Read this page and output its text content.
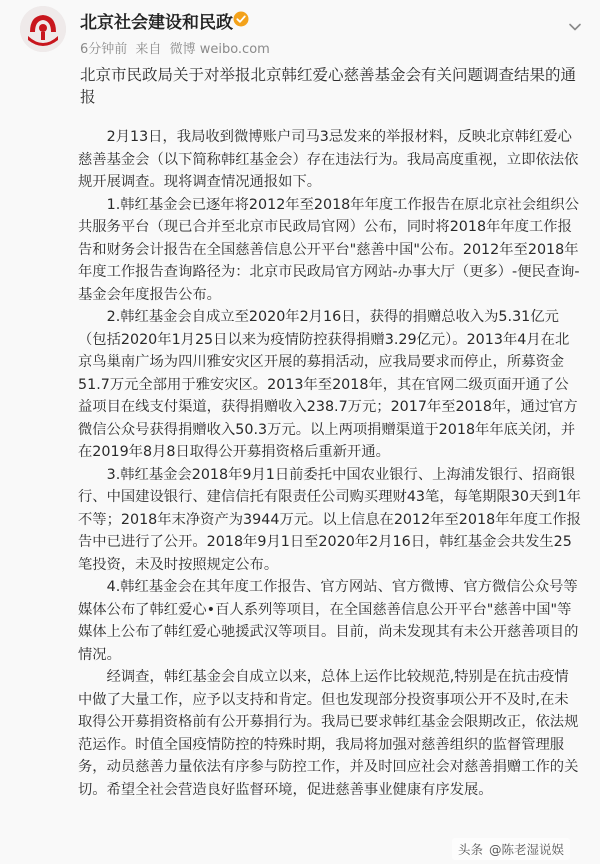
北京社会建设和民政
6分钟前 来自 微博 weibo.com
北京市民政局关于对举报北京韩红爱心慈善基金会有关问题调查结果的通报

2月13日，我局收到微博账户司马3忌发来的举报材料，反映北京韩红爱心慈善基金会（以下简称韩红基金会）存在违法行为。我局高度重视，立即依法依规开展调查。现将调查情况通报如下。

1.韩红基金会已逐年将2012年至2018年年度工作报告在原北京社会组织公共服务平台（现已合并至北京市民政局官网）公布，同时将2018年年度工作报告和财务会计报告在全国慈善信息公开平台"慈善中国"公布。2012年至2018年年度工作报告查询路径为：北京市民政局官方网站-办事大厅（更多）-便民查询-基金会年度报告公布。

2.韩红基金会自成立至2020年2月16日，获得的捐赠总收入为5.31亿元（包括2020年1月25日以来为疫情防控获得捐赠3.29亿元）。2013年4月在北京鸟巢南广场为四川雅安灾区开展的募捐活动，应我局要求而停止，所募资金51.7万元全部用于雅安灾区。2013年至2018年，其在官网二级页面开通了公益项目在线支付渠道，获得捐赠收入238.7万元；2017年至2018年，通过官方微信公众号获得捐赠收入50.3万元。以上两项捐赠渠道于2018年年底关闭，并在2019年8月8日取得公开募捐资格后重新开通。

3.韩红基金会2018年9月1日前委托中国农业银行、上海浦发银行、招商银行、中国建设银行、建信信托有限责任公司购买理财43笔，每笔期限30天到1年不等；2018年末净资产为3944万元。以上信息在2012年至2018年年度工作报告中已进行了公开。2018年9月1日至2020年2月16日，韩红基金会共发生25笔投资，未及时按照规定公布。

4.韩红基金会在其年度工作报告、官方网站、官方微博、官方微信公众号等媒体公布了韩红爱心•百人系列等项目，在全国慈善信息公开平台"慈善中国"等媒体上公布了韩红爱心驰援武汉等项目。目前，尚未发现其有未公开慈善项目的情况。

经调查，韩红基金会自成立以来，总体上运作比较规范,特别是在抗击疫情中做了大量工作，应予以支持和肯定。但也发现部分投资事项公开不及时,在未取得公开募捐资格前有公开募捐行为。我局已要求韩红基金会限期改正，依法规范运作。时值全国疫情防控的特殊时期，我局将加强对慈善组织的监督管理服务，动员慈善力量依法有序参与防控工作，并及时回应社会对慈善捐赠工作的关切。希望全社会营造良好监督环境，促进慈善事业健康有序发展。

头条 @陈老湿说娱
